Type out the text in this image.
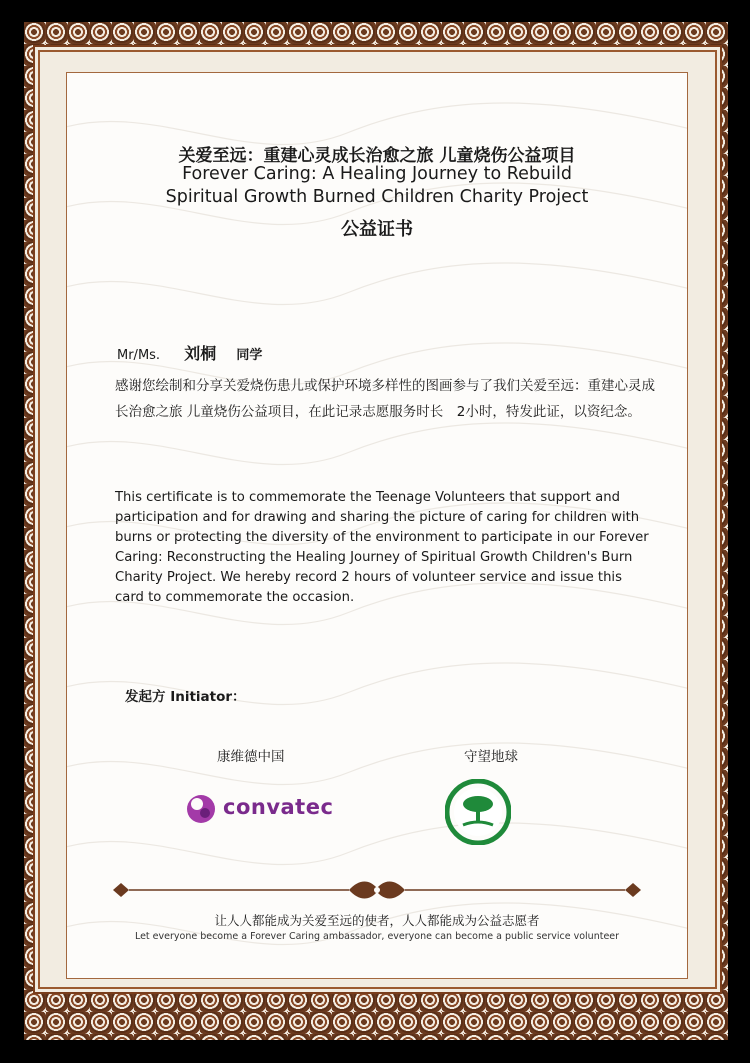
关爱至远：重建心灵成长治愈之旅 儿童烧伤公益项目
Forever Caring: A Healing Journey to Rebuild
Spiritual Growth Burned Children Charity Project
公益证书
Mr/Ms. 刘桐 同学
感谢您绘制和分享关爱烧伤患儿或保护环境多样性的图画参与了我们关爱至远：重建心灵成长治愈之旅 儿童烧伤公益项目，在此记录志愿服务时长　2小时，特发此证，以资纪念。
This certificate is to commemorate the Teenage Volunteers that support and participation and for drawing and sharing the picture of caring for children with burns or protecting the diversity of the environment to participate in our Forever Caring: Reconstructing the Healing Journey of Spiritual Growth Children's Burn Charity Project. We hereby record 2 hours of volunteer service and issue this card to commemorate the occasion.
发起方 Initiator：
康维德中国	守望地球
convatec
让人人都能成为关爱至远的使者，人人都能成为公益志愿者
Let everyone become a Forever Caring ambassador, everyone can become a public service volunteer
